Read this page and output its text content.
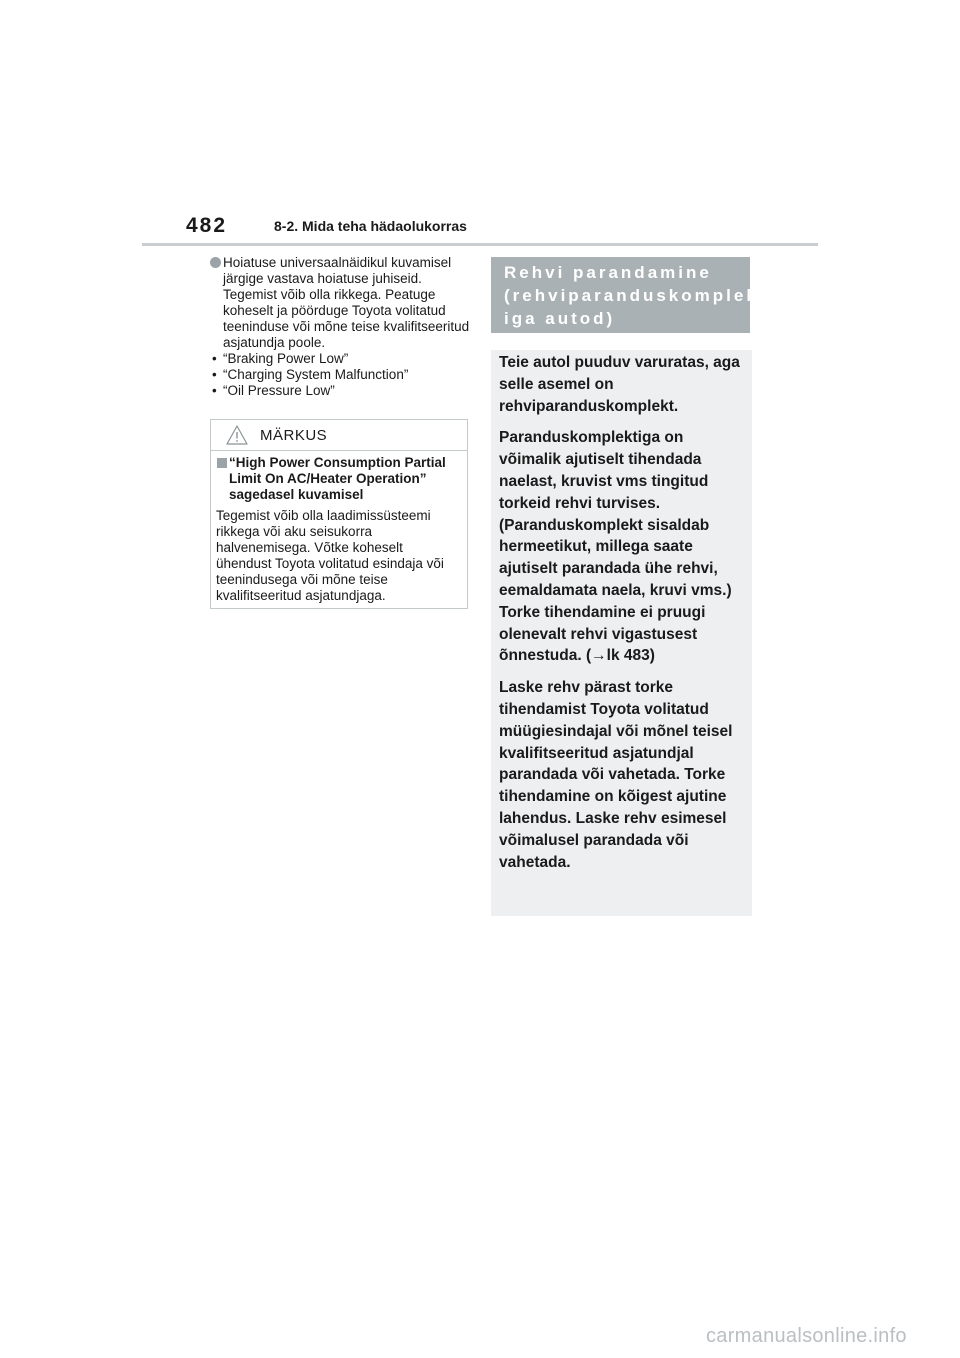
482	8-2. Mida teha hädaolukorras
Hoiatuse universaalnäidikul kuvamisel järgige vastava hoiatuse juhiseid. Tegemist võib olla rikkega. Peatuge koheselt ja pöörduge Toyota volitatud teeninduse või mõne teise kvalifitseeritud asjatundja poole.
• “Braking Power Low”
• “Charging System Malfunction”
• “Oil Pressure Low”
MÄRKUS
“High Power Consumption Partial Limit On AC/Heater Operation” sagedasel kuvamisel
Tegemist võib olla laadimissüsteemi rikkega või aku seisukorra halvenemisega. Võtke koheselt ühendust Toyota volitatud esindaja või teenindusega või mõne teise kvalifitseeritud asjatundjaga.
Rehvi parandamine (rehviparanduskomplekt iga autod)

Teie autol puuduv varuratas, aga selle asemel on rehviparanduskomplekt.

Paranduskomplektiga on võimalik ajutiselt tihendada naelast, kruvist vms tingitud torkeid rehvi turvises. (Paranduskomplekt sisaldab hermeetikut, millega saate ajutiselt parandada ühe rehvi, eemaldamata naela, kruvi vms.) Torke tihendamine ei pruugi olenevalt rehvi vigastusest õnnestuda. (→lk 483)

Laske rehv pärast torke tihendamist Toyota volitatud müügiesindajal või mõnel teisel kvalifitseeritud asjatundjal parandada või vahetada. Torke tihendamine on kõigest ajutine lahendus. Laske rehv esimesel võimalusel parandada või vahetada.

carmanualsonline.info
